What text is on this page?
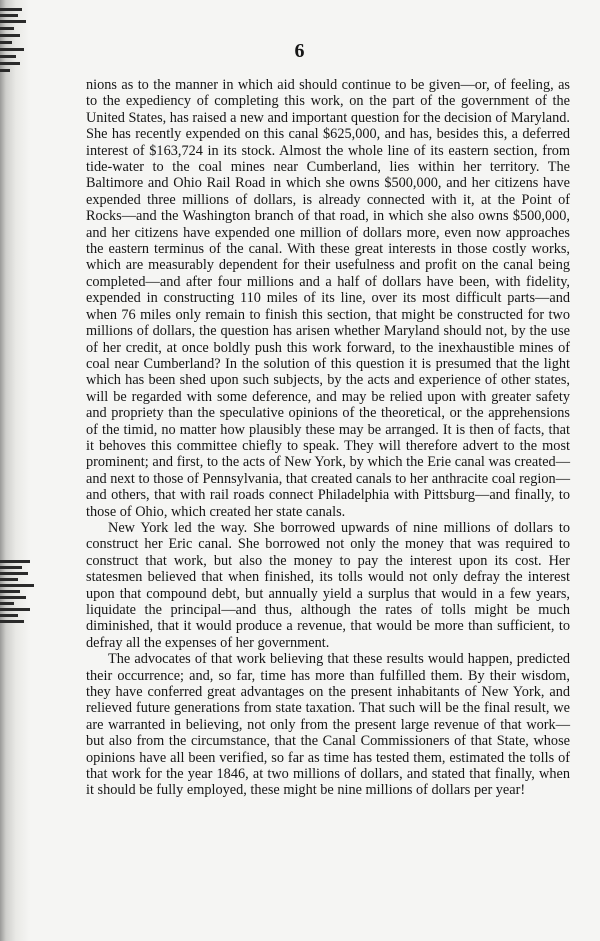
6

nions as to the manner in which aid should continue to be given—or, of feeling, as to the expediency of completing this work, on the part of the government of the United States, has raised a new and important question for the decision of Maryland. She has recently expended on this canal $625,000, and has, besides this, a deferred interest of $163,724 in its stock. Almost the whole line of its eastern section, from tide-water to the coal mines near Cumberland, lies within her territory. The Baltimore and Ohio Rail Road in which she owns $500,000, and her citizens have expended three millions of dollars, is already connected with it, at the Point of Rocks—and the Washington branch of that road, in which she also owns $500,000, and her citizens have expended one million of dollars more, even now approaches the eastern terminus of the canal. With these great interests in those costly works, which are measurably dependent for their usefulness and profit on the canal being completed—and after four millions and a half of dollars have been, with fidelity, expended in constructing 110 miles of its line, over its most difficult parts—and when 76 miles only remain to finish this section, that might be constructed for two millions of dollars, the question has arisen whether Maryland should not, by the use of her credit, at once boldly push this work forward, to the inexhaustible mines of coal near Cumberland? In the solution of this question it is presumed that the light which has been shed upon such subjects, by the acts and experience of other states, will be regarded with some deference, and may be relied upon with greater safety and propriety than the speculative opinions of the theoretical, or the apprehensions of the timid, no matter how plausibly these may be arranged. It is then of facts, that it behoves this committee chiefly to speak. They will therefore advert to the most prominent; and first, to the acts of New York, by which the Erie canal was created—and next to those of Pennsylvania, that created canals to her anthracite coal region—and others, that with rail roads connect Philadelphia with Pittsburg—and finally, to those of Ohio, which created her state canals.

New York led the way. She borrowed upwards of nine millions of dollars to construct her Eric canal. She borrowed not only the money that was required to construct that work, but also the money to pay the interest upon its cost. Her statesmen believed that when finished, its tolls would not only defray the interest upon that compound debt, but annually yield a surplus that would in a few years, liquidate the principal—and thus, although the rates of tolls might be much diminished, that it would produce a revenue, that would be more than sufficient, to defray all the expenses of her government.

The advocates of that work believing that these results would happen, predicted their occurrence; and, so far, time has more than fulfilled them. By their wisdom, they have conferred great advantages on the present inhabitants of New York, and relieved future generations from state taxation. That such will be the final result, we are warranted in believing, not only from the present large revenue of that work—but also from the circumstance, that the Canal Commissioners of that State, whose opinions have all been verified, so far as time has tested them, estimated the tolls of that work for the year 1846, at two millions of dollars, and stated that finally, when it should be fully employed, these might be nine millions of dollars per year!
